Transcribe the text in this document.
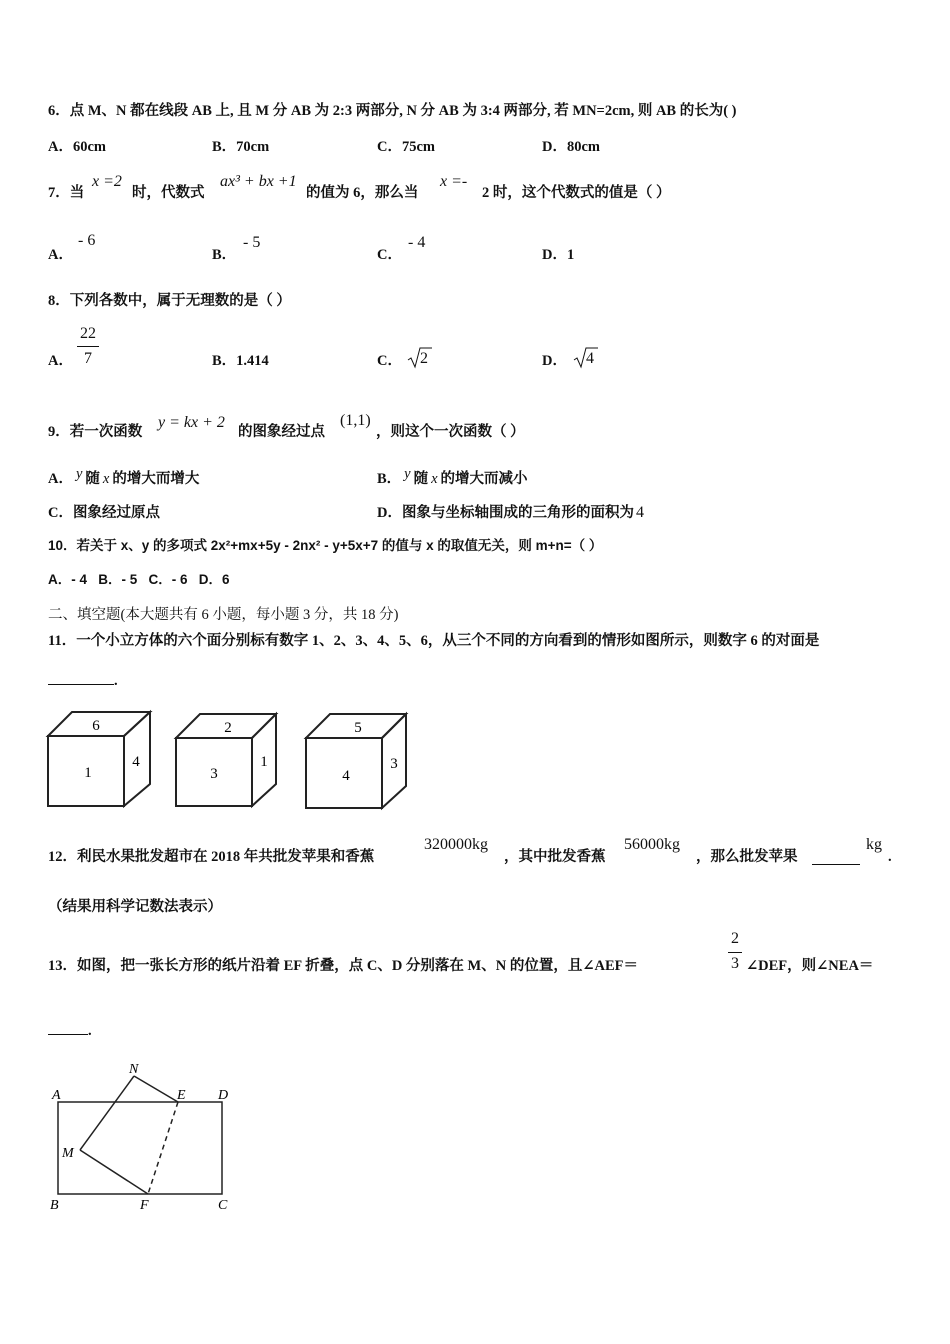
6．点 M、N 都在线段 AB 上, 且 M 分 AB 为 2:3 两部分, N 分 AB 为 3:4 两部分, 若 MN=2cm, 则 AB 的长为( )
A．60cm	B．70cm	C．75cm	D．80cm
7．当
x =2
时，代数式
ax³ + bx +1
的值为 6，那么当
x =-
2 时，这个代数式的值是（ ）
A．
- 6
B．
- 5
C．
- 4
D．1
8．下列各数中，属于无理数的是（ ）
A．
22
7	B．1.414	C． 2	D． 4
9．若一次函数
y = kx + 2
的图象经过点
(1,1)
，则这个一次函数（ ）
A． y 随 x 的增大而增大	B． y 随 x 的增大而减小
C．图象经过原点	D．图象与坐标轴围成的三角形的面积为 4
10．若关于 x、y 的多项式 2x²+mx+5y - 2nx² - y+5x+7 的值与 x 的取值无关，则 m+n=（ ）
A．- 4   B．- 5   C．- 6   D．6
二、填空题(本大题共有 6 小题，每小题 3 分，共 18 分)
11．一个小立方体的六个面分别标有数字 1、2、3、4、5、6，从三个不同的方向看到的情形如图所示，则数字 6 的对面是
.
6
1
4
2
3
1
5
4
3
12．利民水果批发超市在 2018 年共批发苹果和香蕉
320000kg
，其中批发香蕉
56000kg
，那么批发苹果
kg
.
（结果用科学记数法表示）
13．如图，把一张长方形的纸片沿着 EF 折叠，点 C、D 分别落在 M、N 的位置，且∠AEF＝
2
3 ∠DEF，则∠NEA＝
.
A
N
E D
M
B	F	C
